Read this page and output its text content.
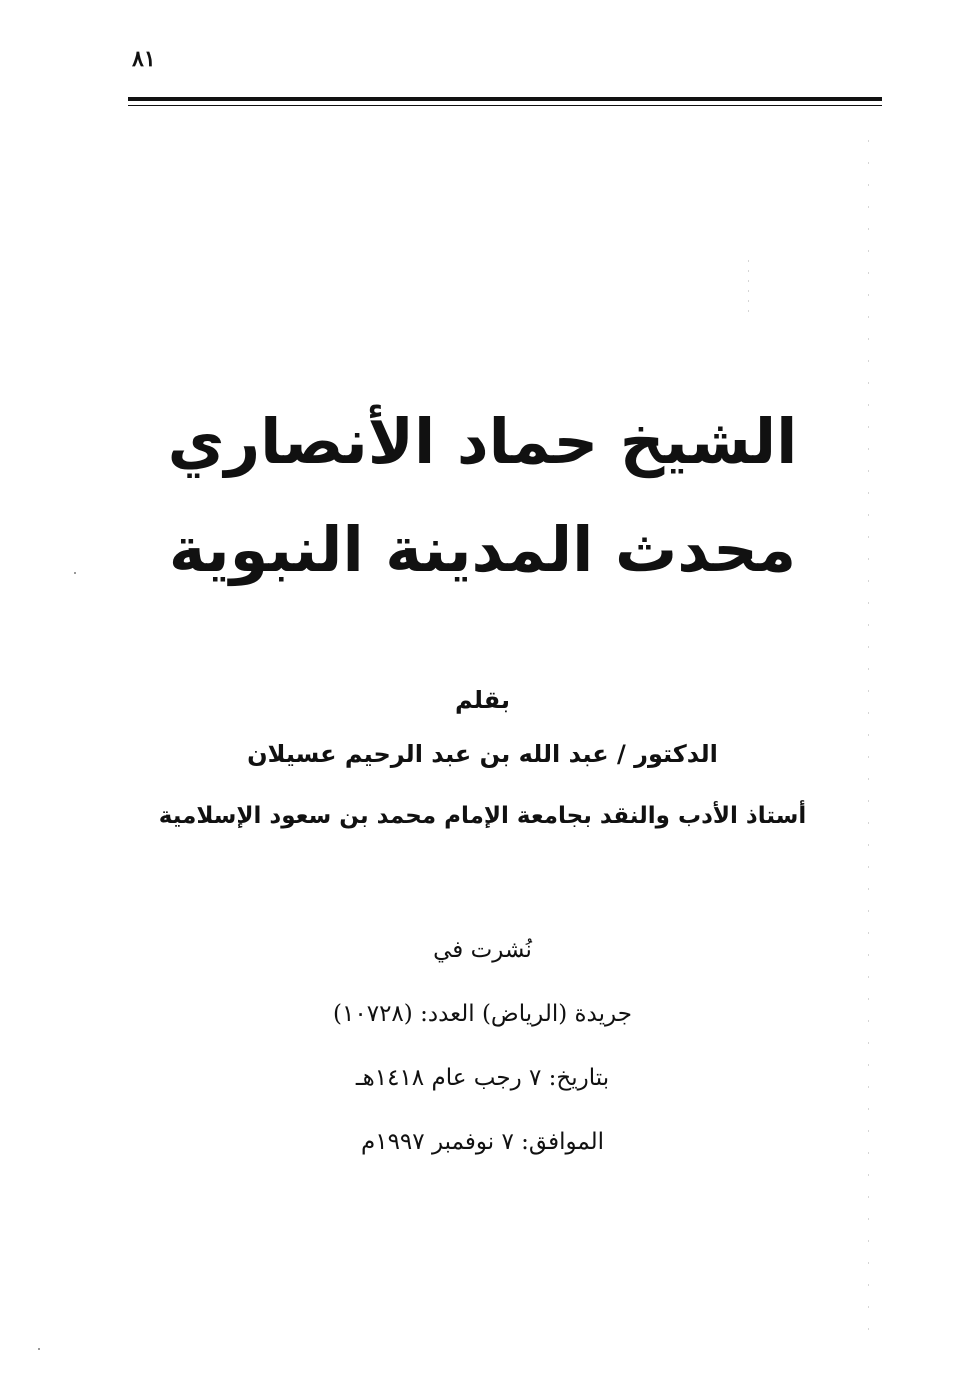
٨١
الشيخ حماد الأنصاري
محدث المدينة النبوية
بقلم
الدكتور / عبد الله بن عبد الرحيم عسيلان
أستاذ الأدب والنقد بجامعة الإمام محمد بن سعود الإسلامية
نُشرت في
جريدة (الرياض) العدد: (١٠٧٢٨)
بتاريخ: ٧ رجب عام ١٤١٨هـ
الموافق: ٧ نوفمبر ١٩٩٧م
